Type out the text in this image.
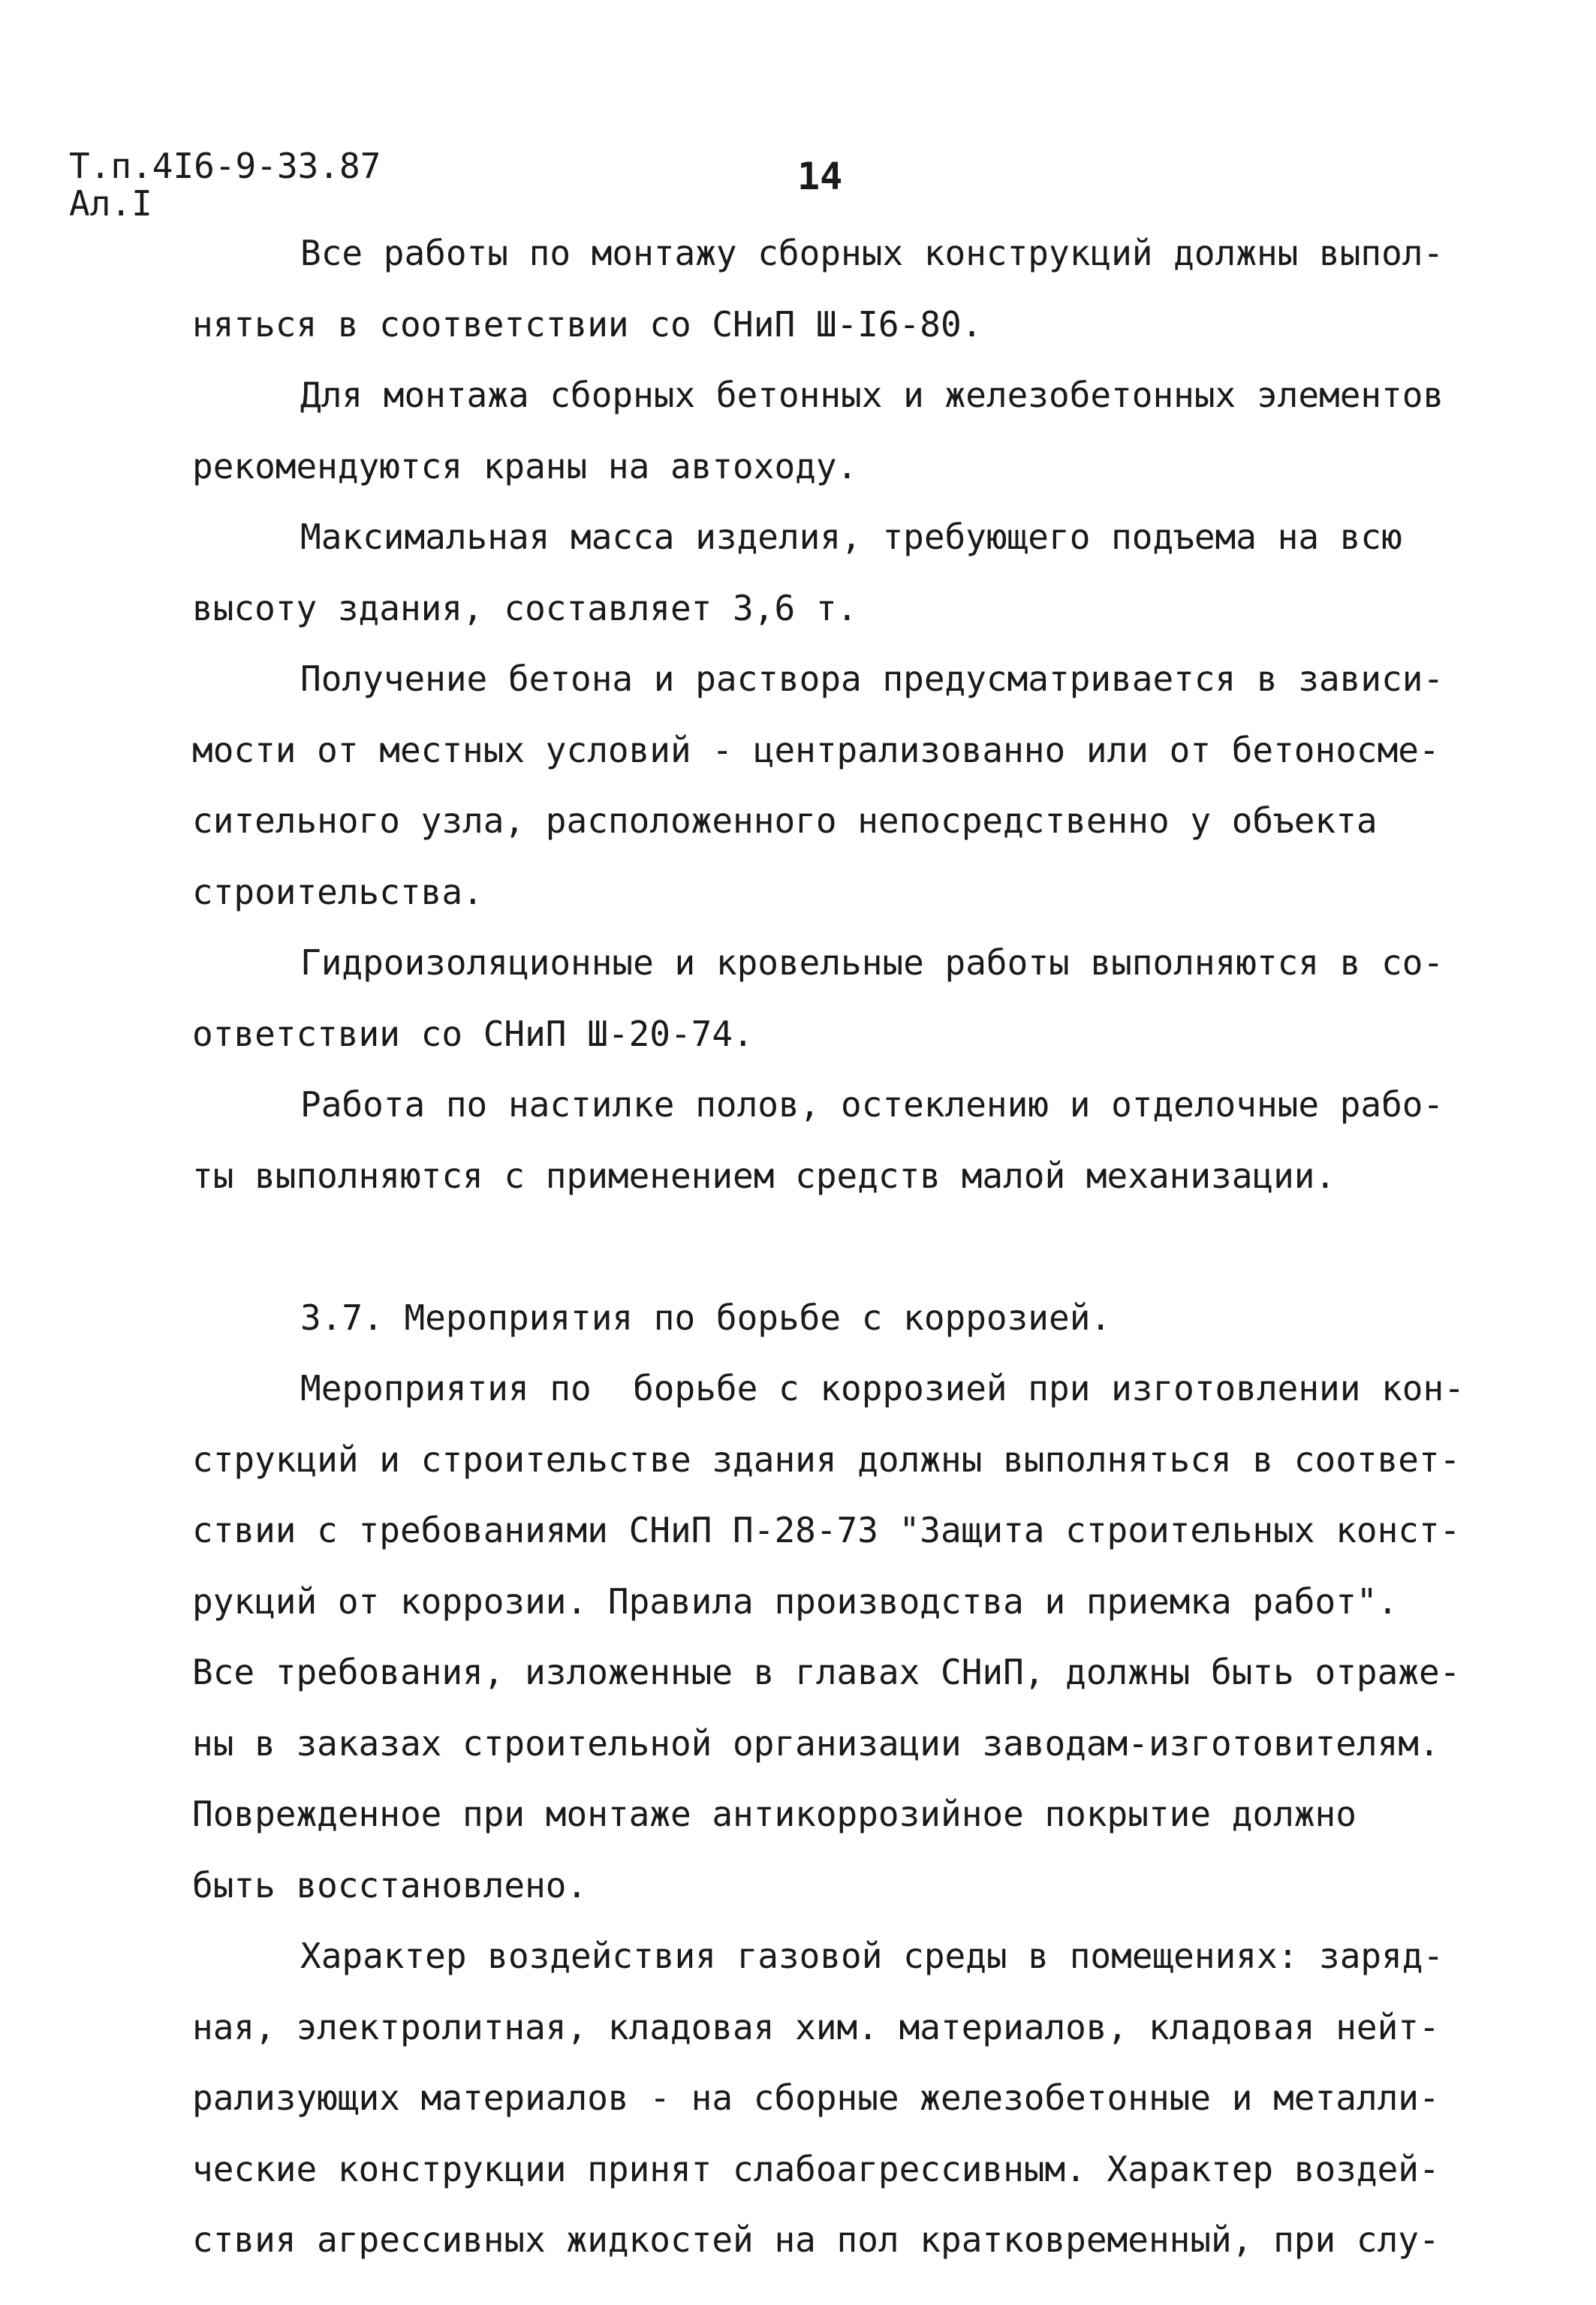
Т.п.4I6-9-33.87
Ал.I
14
Все работы по монтажу сборных конструкций должны выпол-
няться в соответствии со СНиП Ш-I6-80.
Для монтажа сборных бетонных и железобетонных элементов
рекомендуются краны на автоходу.
Максимальная масса изделия, требующего подъема на всю
высоту здания, составляет 3,6 т.
Получение бетона и раствора предусматривается в зависи-
мости от местных условий - централизованно или от бетоносме-
сительного узла, расположенного непосредственно у объекта
строительства.
Гидроизоляционные и кровельные работы выполняются в со-
ответствии со СНиП Ш-20-74.
Работа по настилке полов, остеклению и отделочные рабо-
ты выполняются с применением средств малой механизации.
3.7. Мероприятия по борьбе с коррозией.
Мероприятия по  борьбе с коррозией при изготовлении кон-
струкций и строительстве здания должны выполняться в соответ-
ствии с требованиями СНиП П-28-73 "Защита строительных конст-
рукций от коррозии. Правила производства и приемка работ".
Все требования, изложенные в главах СНиП, должны быть отраже-
ны в заказах строительной организации заводам-изготовителям.
Поврежденное при монтаже антикоррозийное покрытие должно
быть восстановлено.
Характер воздействия газовой среды в помещениях: заряд-
ная, электролитная, кладовая хим. материалов, кладовая нейт-
рализующих материалов - на сборные железобетонные и металли-
ческие конструкции принят слабоагрессивным. Характер воздей-
ствия агрессивных жидкостей на пол кратковременный, при слу-
